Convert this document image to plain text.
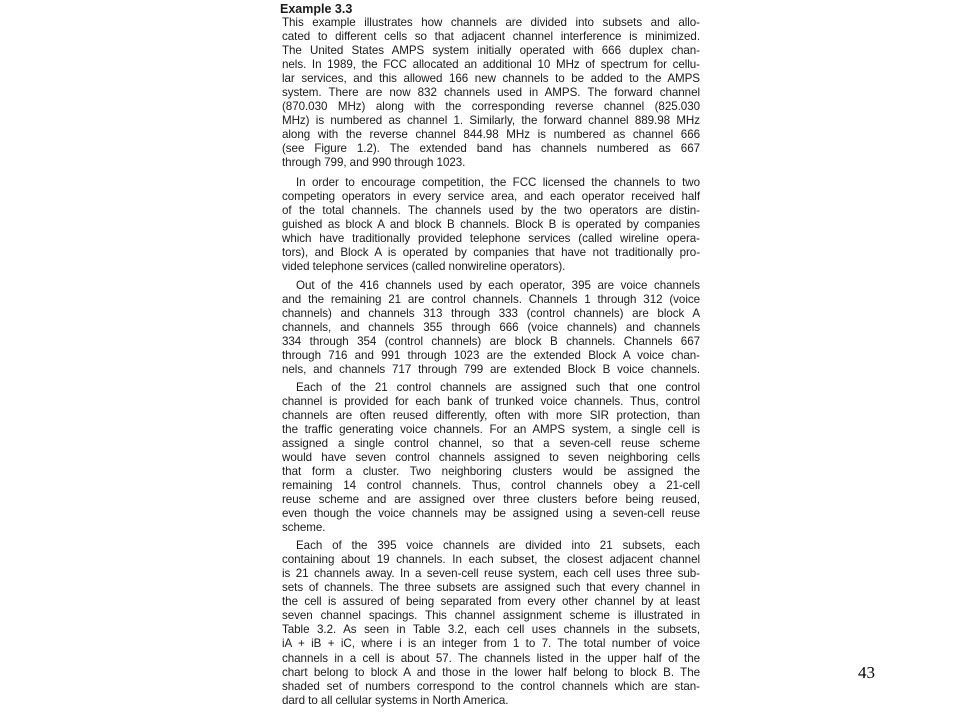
Example 3.3
This example illustrates how channels are divided into subsets and allo-
cated to different cells so that adjacent channel interference is minimized.
The United States AMPS system initially operated with 666 duplex chan-
nels. In 1989, the FCC allocated an additional 10 MHz of spectrum for cellu-
lar services, and this allowed 166 new channels to be added to the AMPS
system. There are now 832 channels used in AMPS. The forward channel
(870.030 MHz) along with the corresponding reverse channel (825.030
MHz) is numbered as channel 1. Similarly, the forward channel 889.98 MHz
along with the reverse channel 844.98 MHz is numbered as channel 666
(see Figure 1.2). The extended band has channels numbered as 667
through 799, and 990 through 1023.
In order to encourage competition, the FCC licensed the channels to two
competing operators in every service area, and each operator received half
of the total channels. The channels used by the two operators are distin-
guished as block A and block B channels. Block B is operated by companies
which have traditionally provided telephone services (called wireline opera-
tors), and Block A is operated by companies that have not traditionally pro-
vided telephone services (called nonwireline operators).
Out of the 416 channels used by each operator, 395 are voice channels
and the remaining 21 are control channels. Channels 1 through 312 (voice
channels) and channels 313 through 333 (control channels) are block A
channels, and channels 355 through 666 (voice channels) and channels
334 through 354 (control channels) are block B channels. Channels 667
through 716 and 991 through 1023 are the extended Block A voice chan-
nels, and channels 717 through 799 are extended Block B voice channels.
Each of the 21 control channels are assigned such that one control
channel is provided for each bank of trunked voice channels. Thus, control
channels are often reused differently, often with more SIR protection, than
the traffic generating voice channels. For an AMPS system, a single cell is
assigned a single control channel, so that a seven-cell reuse scheme
would have seven control channels assigned to seven neighboring cells
that form a cluster. Two neighboring clusters would be assigned the
remaining 14 control channels. Thus, control channels obey a 21-cell
reuse scheme and are assigned over three clusters before being reused,
even though the voice channels may be assigned using a seven-cell reuse
scheme.
Each of the 395 voice channels are divided into 21 subsets, each
containing about 19 channels. In each subset, the closest adjacent channel
is 21 channels away. In a seven-cell reuse system, each cell uses three sub-
sets of channels. The three subsets are assigned such that every channel in
the cell is assured of being separated from every other channel by at least
seven channel spacings. This channel assignment scheme is illustrated in
Table 3.2. As seen in Table 3.2, each cell uses channels in the subsets,
iA + iB + iC, where i is an integer from 1 to 7. The total number of voice
channels in a cell is about 57. The channels listed in the upper half of the
chart belong to block A and those in the lower half belong to block B. The
shaded set of numbers correspond to the control channels which are stan-
dard to all cellular systems in North America.
43
